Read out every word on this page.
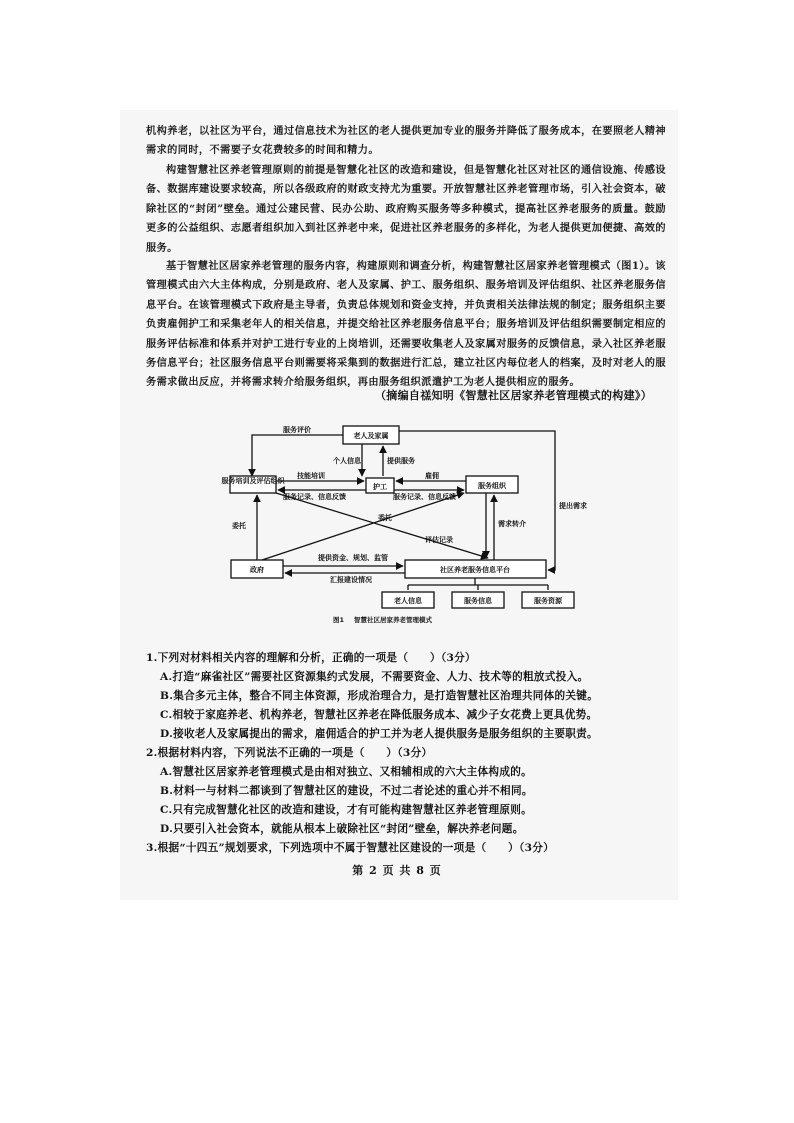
机构养老，以社区为平台，通过信息技术为社区的老人提供更加专业的服务并降低了服务成本，在要照老人精神需求的同时，不需要子女花费较多的时间和精力。
构建智慧社区养老管理原则的前提是智慧化社区的改造和建设，但是智慧化社区对社区的通信设施、传感设备、数据库建设要求较高，所以各级政府的财政支持尤为重要。开放智慧社区养老管理市场，引入社会资本，破除社区的“封闭”壁垒。通过公建民营、民办公助、政府购买服务等多种模式，提高社区养老服务的质量。鼓励更多的公益组织、志愿者组织加入到社区养老中来，促进社区养老服务的多样化，为老人提供更加便捷、高效的服务。
基于智慧社区居家养老管理的服务内容，构建原则和调查分析，构建智慧社区居家养老管理模式（图1）。该管理模式由六大主体构成，分别是政府、老人及家属、护工、服务组织、服务培训及评估组织、社区养老服务信息平台。在该管理模式下政府是主导者，负责总体规划和资金支持，并负责相关法律法规的制定；服务组织主要负责雇佣护工和采集老年人的相关信息，并提交给社区养老服务信息平台；服务培训及评估组织需要制定相应的服务评估标准和体系并对护工进行专业的上岗培训，还需要收集老人及家属对服务的反馈信息，录入社区养老服务信息平台；社区服务信息平台则需要将采集到的数据进行汇总，建立社区内每位老人的档案，及时对老人的服务需求做出反应，并将需求转介给服务组织，再由服务组织派遣护工为老人提供相应的服务。
（摘编自禚知明《智慧社区居家养老管理模式的构建》）
老人及家属
服务培训及评估组织
护工	服务组织
政府	社区养老服务信息平台
老人信息	服务信息	服务资源
服务评价
个人信息	提供服务
技能培训
服务记录、信息反馈
雇佣
服务记录、信息反馈
提出需求
需求转介
委托
委托
评估记录
提供资金、规划、监管
汇报建设情况
图1 智慧社区居家养老管理模式
1.下列对材料相关内容的理解和分析，正确的一项是（　　）（3分）
A.打造“麻雀社区”需要社区资源集约式发展，不需要资金、人力、技术等的粗放式投入。
B.集合多元主体，整合不同主体资源，形成治理合力，是打造智慧社区治理共同体的关键。
C.相较于家庭养老、机构养老，智慧社区养老在降低服务成本、减少子女花费上更具优势。
D.接收老人及家属提出的需求，雇佣适合的护工并为老人提供服务是服务组织的主要职责。
2.根据材料内容，下列说法不正确的一项是（　　）（3分）
A.智慧社区居家养老管理模式是由相对独立、又相辅相成的六大主体构成的。
B.材料一与材料二都谈到了智慧社区的建设，不过二者论述的重心并不相同。
C.只有完成智慧化社区的改造和建设，才有可能构建智慧社区养老管理原则。
D.只要引入社会资本，就能从根本上破除社区“封闭”壁垒，解决养老问题。
3.根据“十四五”规划要求，下列选项中不属于智慧社区建设的一项是（　　）（3分）
第 2 页 共 8 页
